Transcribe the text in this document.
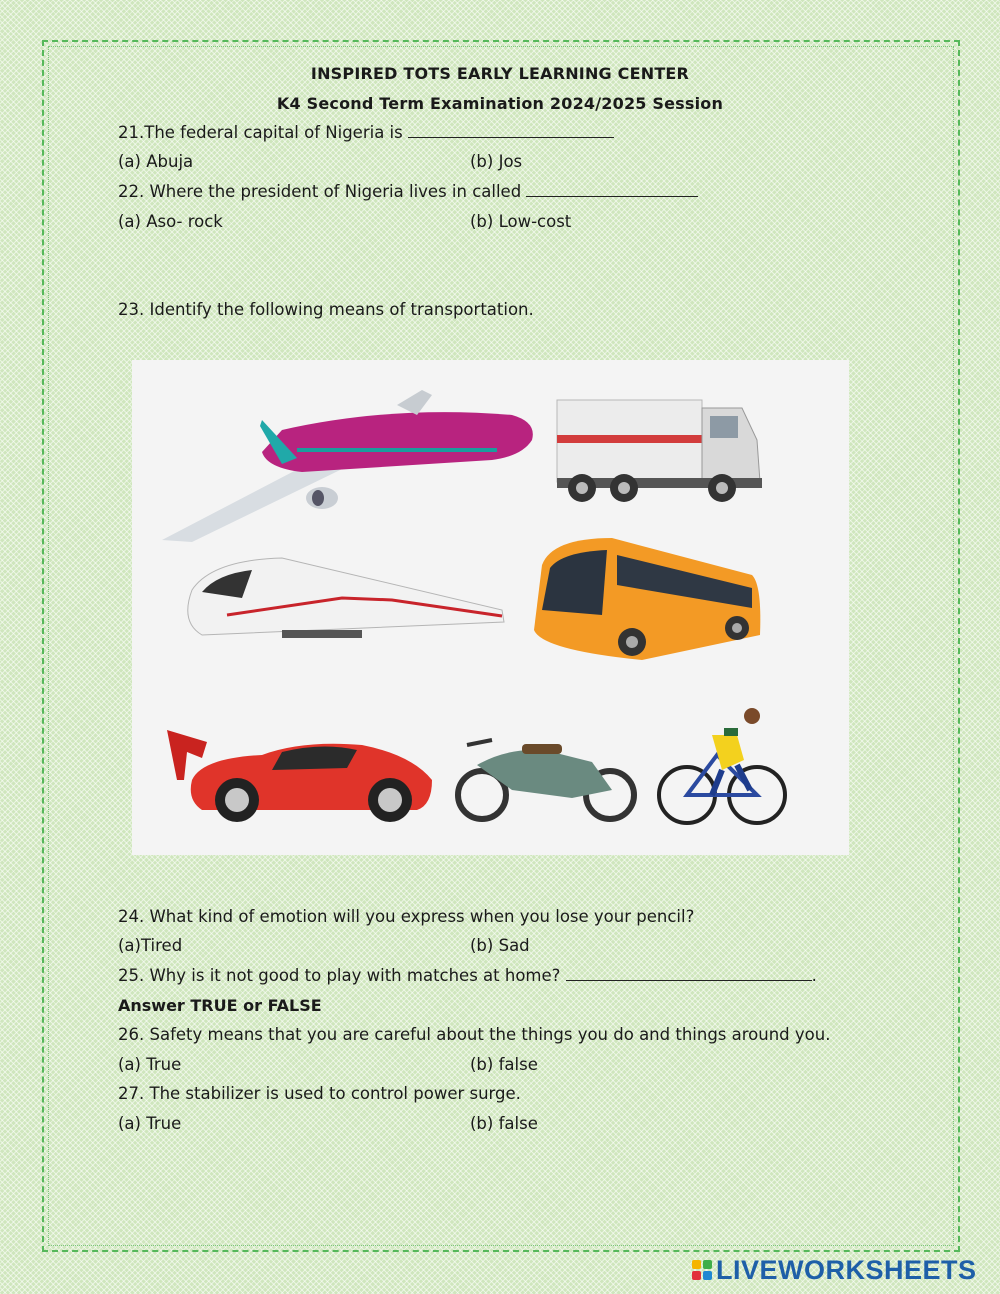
INSPIRED TOTS EARLY LEARNING CENTER
K4 Second Term Examination 2024/2025 Session
21.The federal capital of Nigeria is
(a) Abuja	(b) Jos
22. Where the president of Nigeria lives in called
(a) Aso- rock	(b) Low-cost
23. Identify the following means of transportation.
24. What kind of emotion will you express when you lose your pencil?
(a)Tired	(b) Sad
25. Why is it not good to play with matches at home?	.
Answer TRUE or FALSE
26. Safety means that you are careful about the things you do and things around you.
(a) True	(b) false
27. The stabilizer is used to control power surge.
(a) True	(b) false
LIVEWORKSHEETS
